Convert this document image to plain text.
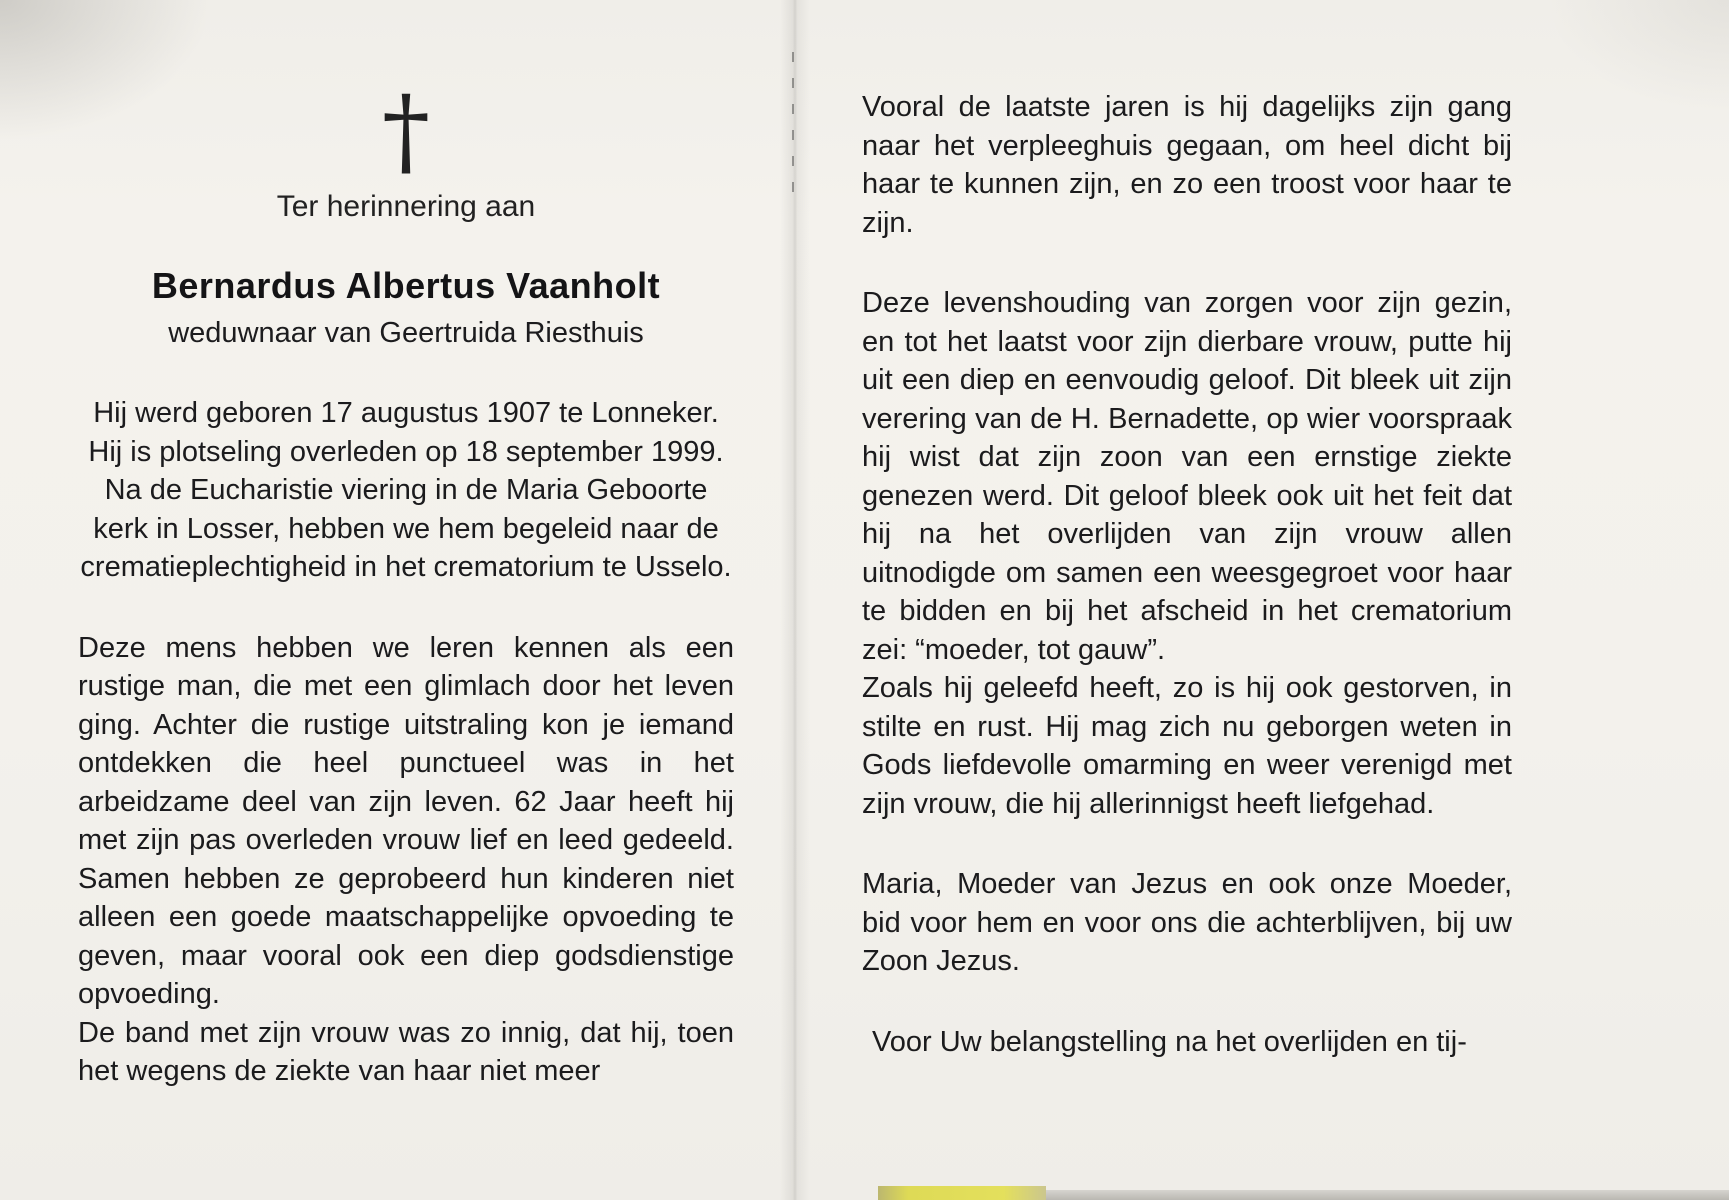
†
Ter herinnering aan
Bernardus Albertus Vaanholt
weduwnaar van Geertruida Riesthuis

Hij werd geboren 17 augustus 1907 te Lonneker. Hij is plotseling overleden op 18 september 1999. Na de Eucharistie viering in de Maria Geboorte kerk in Losser, hebben we hem begeleid naar de crematieplechtigheid in het crematorium te Usselo.

Deze mens hebben we leren kennen als een rustige man, die met een glimlach door het leven ging. Achter die rustige uitstraling kon je iemand ontdekken die heel punctueel was in het arbeidzame deel van zijn leven. 62 Jaar heeft hij met zijn pas overleden vrouw lief en leed gedeeld. Samen hebben ze geprobeerd hun kinderen niet alleen een goede maatschappelijke opvoeding te geven, maar vooral ook een diep godsdienstige opvoeding.

De band met zijn vrouw was zo innig, dat hij, toen het wegens de ziekte van haar niet meer

Vooral de laatste jaren is hij dagelijks zijn gang naar het verpleeghuis gegaan, om heel dicht bij haar te kunnen zijn, en zo een troost voor haar te zijn.

Deze levenshouding van zorgen voor zijn gezin, en tot het laatst voor zijn dierbare vrouw, putte hij uit een diep en eenvoudig geloof. Dit bleek uit zijn verering van de H. Bernadette, op wier voorspraak hij wist dat zijn zoon van een ernstige ziekte genezen werd. Dit geloof bleek ook uit het feit dat hij na het overlijden van zijn vrouw allen uitnodigde om samen een weesgegroet voor haar te bidden en bij het afscheid in het crematorium zei: “moeder, tot gauw”.

Zoals hij geleefd heeft, zo is hij ook gestorven, in stilte en rust. Hij mag zich nu geborgen weten in Gods liefdevolle omarming en weer verenigd met zijn vrouw, die hij allerinnigst heeft liefgehad.

Maria, Moeder van Jezus en ook onze Moeder, bid voor hem en voor ons die achterblijven, bij uw Zoon Jezus.

Voor Uw belangstelling na het overlijden en tij-
